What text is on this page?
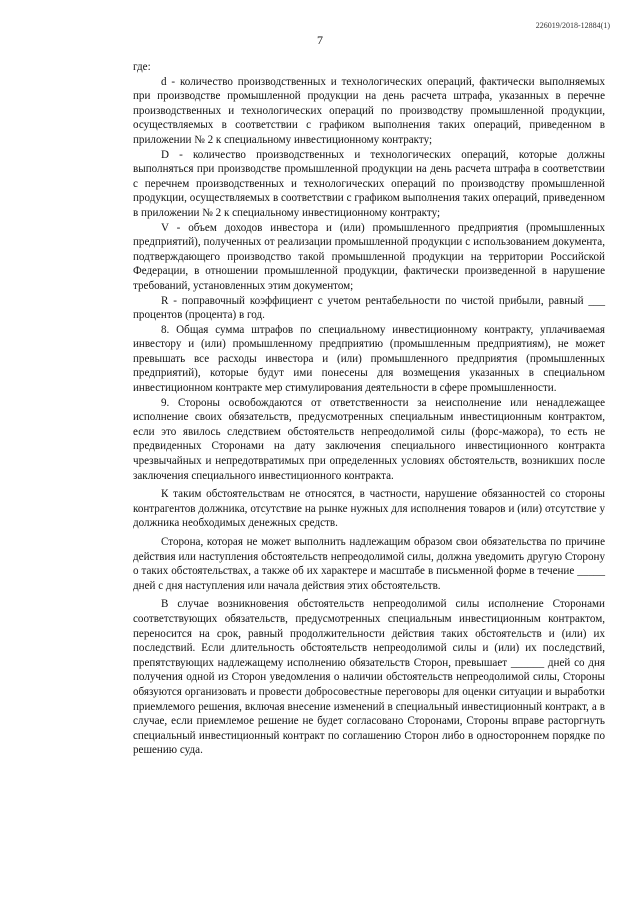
226019/2018-12884(1)
7

где:

d - количество производственных и технологических операций, фактически выполняемых при производстве промышленной продукции на день расчета штрафа, указанных в перечне производственных и технологических операций по производству промышленной продукции, осуществляемых в соответствии с графиком выполнения таких операций, приведенном в приложении № 2 к специальному инвестиционному контракту;

D - количество производственных и технологических операций, которые должны выполняться при производстве промышленной продукции на день расчета штрафа в соответствии с перечнем производственных и технологических операций по производству промышленной продукции, осуществляемых в соответствии с графиком выполнения таких операций, приведенном в приложении № 2 к специальному инвестиционному контракту;

V - объем доходов инвестора и (или) промышленного предприятия (промышленных предприятий), полученных от реализации промышленной продукции с использованием документа, подтверждающего производство такой промышленной продукции на территории Российской Федерации, в отношении промышленной продукции, фактически произведенной в нарушение требований, установленных этим документом;

R - поправочный коэффициент с учетом рентабельности по чистой прибыли, равный ___ процентов (процента) в год.

8. Общая сумма штрафов по специальному инвестиционному контракту, уплачиваемая инвестору и (или) промышленному предприятию (промышленным предприятиям), не может превышать все расходы инвестора и (или) промышленного предприятия (промышленных предприятий), которые будут ими понесены для возмещения указанных в специальном инвестиционном контракте мер стимулирования деятельности в сфере промышленности.

9. Стороны освобождаются от ответственности за неисполнение или ненадлежащее исполнение своих обязательств, предусмотренных специальным инвестиционным контрактом, если это явилось следствием обстоятельств непреодолимой силы (форс-мажора), то есть не предвиденных Сторонами на дату заключения специального инвестиционного контракта чрезвычайных и непредотвратимых при определенных условиях обстоятельств, возникших после заключения специального инвестиционного контракта.

К таким обстоятельствам не относятся, в частности, нарушение обязанностей со стороны контрагентов должника, отсутствие на рынке нужных для исполнения товаров и (или) отсутствие у должника необходимых денежных средств.

Сторона, которая не может выполнить надлежащим образом свои обязательства по причине действия или наступления обстоятельств непреодолимой силы, должна уведомить другую Сторону о таких обстоятельствах, а также об их характере и масштабе в письменной форме в течение _____ дней с дня наступления или начала действия этих обстоятельств.

В случае возникновения обстоятельств непреодолимой силы исполнение Сторонами соответствующих обязательств, предусмотренных специальным инвестиционным контрактом, переносится на срок, равный продолжительности действия таких обстоятельств и (или) их последствий. Если длительность обстоятельств непреодолимой силы и (или) их последствий, препятствующих надлежащему исполнению обязательств Сторон, превышает ______ дней со дня получения одной из Сторон уведомления о наличии обстоятельств непреодолимой силы, Стороны обязуются организовать и провести добросовестные переговоры для оценки ситуации и выработки приемлемого решения, включая внесение изменений в специальный инвестиционный контракт, а в случае, если приемлемое решение не будет согласовано Сторонами, Стороны вправе расторгнуть специальный инвестиционный контракт по соглашению Сторон либо в одностороннем порядке по решению суда.
